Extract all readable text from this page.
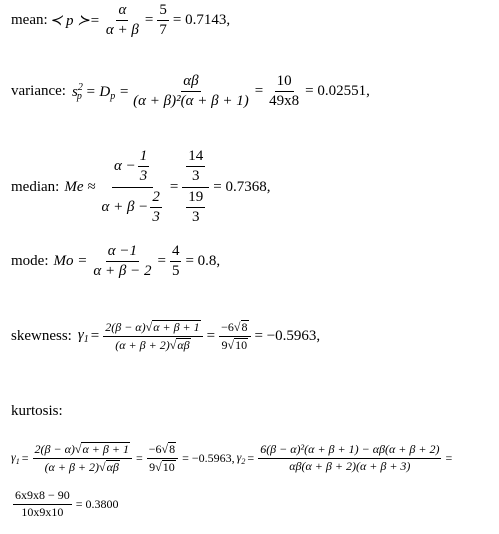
mean: ≺ p ≻= $\frac{\alpha}{\alpha + \beta} = \frac{5}{7} = 0.7143$,
variance: $s^2_p = D_p = \frac{\alpha\beta}{\text{(α + β)²(α + β + 1)}} = \frac{10}{49x8} = 0.02551$,
median: $Me \approx \frac{\alpha - \frac{1}{3}}{\alpha + \beta - \frac{2}{3}} = \frac{\frac{14}{3}}{\frac{19}{3}} = 0.7368$,
mode: $Mo = \frac{\alpha -1}{\alpha + \beta - 2} = \frac{4}{5} = 0.8$,
skewness: $\gamma_1 = \frac{2(\beta - \alpha)√\alpha + \beta + 1}{(\alpha + \beta + 2)√\alpha\beta} = \frac{-6√8}{9√10} = -0.5963$,
kurtosis:
$\gamma_1 = \frac{2(\beta - \alpha)√\alpha + \beta + 1}{(\alpha + \beta + 2)√\alpha\beta} = \frac{-6√8}{9√10} = -0.5963$, $\gamma_2 = \frac{\text{6(β − α)²(α + β + 1) − αβ(α + β + 2)}}{\alpha\beta(\alpha + \beta + 2)(\alpha + \beta + 3)}$ =
$\frac{6x9x8 - 90}{10x9x10} = 0.3800$
